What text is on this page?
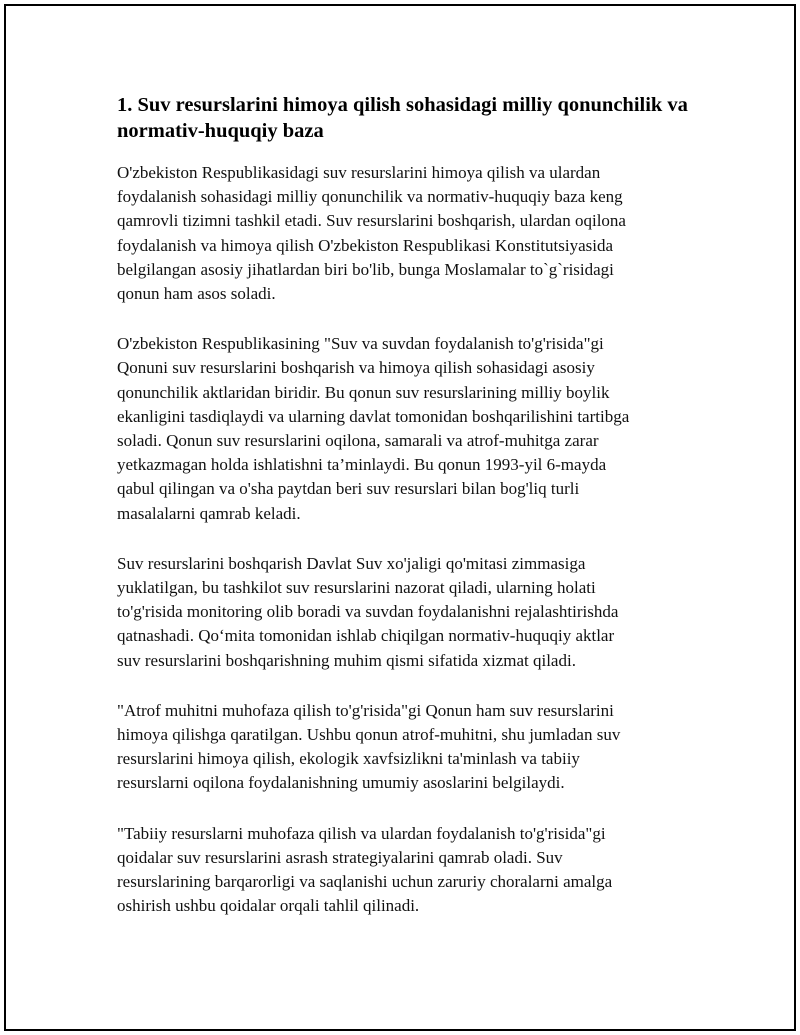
1. Suv resurslarini himoya qilish sohasidagi milliy qonunchilik va normativ-huquqiy baza

O'zbekiston Respublikasidagi suv resurslarini himoya qilish va ulardan
foydalanish sohasidagi milliy qonunchilik va normativ-huquqiy baza keng
qamrovli tizimni tashkil etadi. Suv resurslarini boshqarish, ulardan oqilona
foydalanish va himoya qilish O'zbekiston Respublikasi Konstitutsiyasida
belgilangan asosiy jihatlardan biri bo'lib, bunga Moslamalar to`g`risidagi
qonun ham asos soladi.

O'zbekiston Respublikasining "Suv va suvdan foydalanish to'g'risida"gi
Qonuni suv resurslarini boshqarish va himoya qilish sohasidagi asosiy
qonunchilik aktlaridan biridir. Bu qonun suv resurslarining milliy boylik
ekanligini tasdiqlaydi va ularning davlat tomonidan boshqarilishini tartibga
soladi. Qonun suv resurslarini oqilona, samarali va atrof-muhitga zarar
yetkazmagan holda ishlatishni ta’minlaydi. Bu qonun 1993-yil 6-mayda
qabul qilingan va o'sha paytdan beri suv resurslari bilan bog'liq turli
masalalarni qamrab keladi.

Suv resurslarini boshqarish Davlat Suv xo'jaligi qo'mitasi zimmasiga
yuklatilgan, bu tashkilot suv resurslarini nazorat qiladi, ularning holati
to'g'risida monitoring olib boradi va suvdan foydalanishni rejalashtirishda
qatnashadi. Qo‘mita tomonidan ishlab chiqilgan normativ-huquqiy aktlar
suv resurslarini boshqarishning muhim qismi sifatida xizmat qiladi.

"Atrof muhitni muhofaza qilish to'g'risida"gi Qonun ham suv resurslarini
himoya qilishga qaratilgan. Ushbu qonun atrof-muhitni, shu jumladan suv
resurslarini himoya qilish, ekologik xavfsizlikni ta'minlash va tabiiy
resurslarni oqilona foydalanishning umumiy asoslarini belgilaydi.

"Tabiiy resurslarni muhofaza qilish va ulardan foydalanish to'g'risida"gi
qoidalar suv resurslarini asrash strategiyalarini qamrab oladi. Suv
resurslarining barqarorligi va saqlanishi uchun zaruriy choralarni amalga
oshirish ushbu qoidalar orqali tahlil qilinadi.
